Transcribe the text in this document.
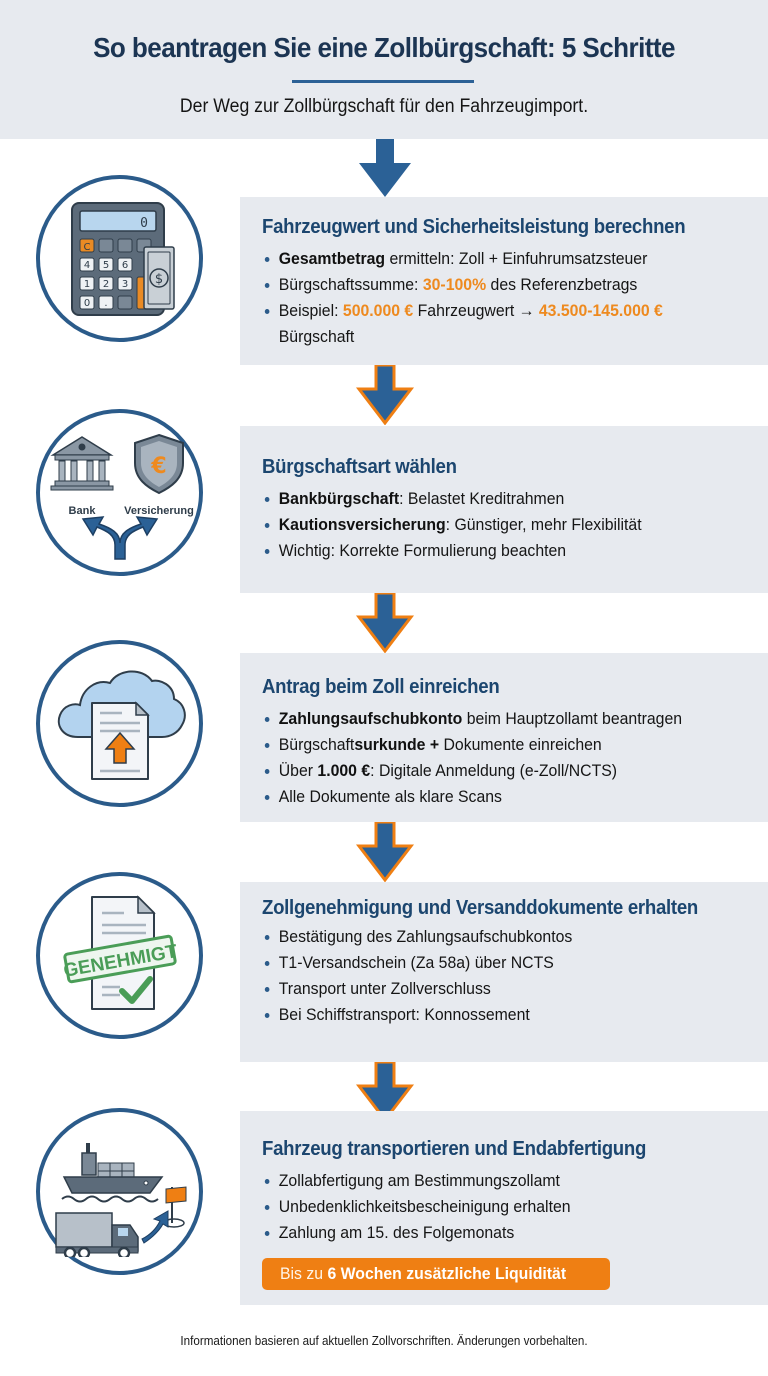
So beantragen Sie eine Zollbürgschaft: 5 Schritte
Der Weg zur Zollbürgschaft für den Fahrzeugimport.
0
C
4 5 6
1 2 3
0 .
$
Fahrzeugwert und Sicherheitsleistung berechnen
Gesamtbetrag ermitteln: Zoll + Einfuhrumsatzsteuer
Bürgschaftssumme: 30-100% des Referenzbetrags
Beispiel: 500.000 € Fahrzeugwert → 43.500-145.000 € Bürgschaft
€
Bank	Versicherung
Bürgschaftsart wählen
Bankbürgschaft: Belastet Kreditrahmen
Kautionsversicherung: Günstiger, mehr Flexibilität
Wichtig: Korrekte Formulierung beachten
Antrag beim Zoll einreichen
Zahlungsaufschubkonto beim Hauptzollamt beantragen
Bürgschaftsurkunde + Dokumente einreichen
Über 1.000 €: Digitale Anmeldung (e-Zoll/NCTS)
Alle Dokumente als klare Scans
GENEHMIGT
Zollgenehmigung und Versanddokumente erhalten
Bestätigung des Zahlungsaufschubkontos
T1-Versandschein (Za 58a) über NCTS
Transport unter Zollverschluss
Bei Schiffstransport: Konnossement
Fahrzeug transportieren und Endabfertigung
Zollabfertigung am Bestimmungszollamt
Unbedenklichkeitsbescheinigung erhalten
Zahlung am 15. des Folgemonats
Bis zu 6 Wochen zusätzliche Liquidität
Informationen basieren auf aktuellen Zollvorschriften. Änderungen vorbehalten.
